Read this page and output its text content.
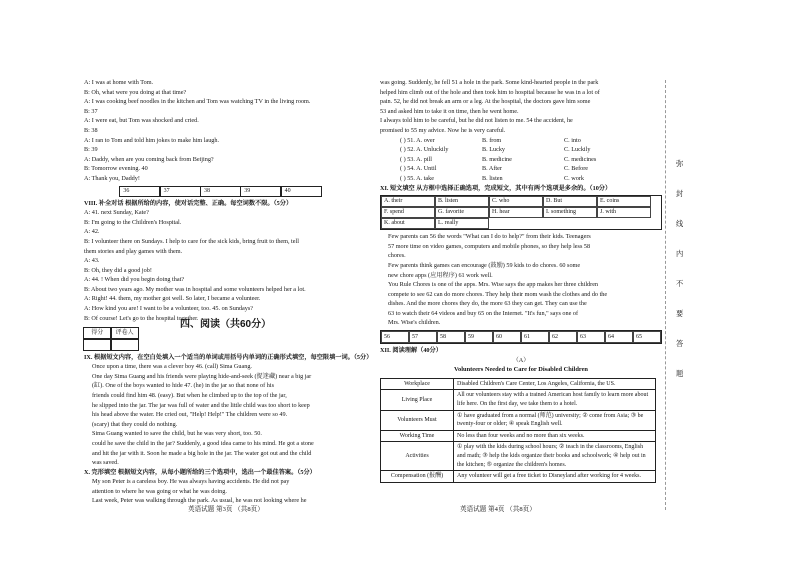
A: I was at home with Tom.
B: Oh, what were you doing at that time?
A: I was cooking beef noodles in the kitchen and Tom was watching TV in the living room.
B: 37
A: I were eat, but Tom was shocked and cried.
B: 38
A: I ran to Tom and told him jokes to make him laugh.
B: 39
A: Daddy, when are you coming back from Beijing?
B: Tomorrow evening. 40
A: Thank you, Daddy!
36	37	38	39	40
VIII. 补全对话 根据所给的内容，使对话完整、正确。每空词数不限。（5分）
A: 41. next Sunday, Kate?
B: I'm going to the Children's Hospital.
A: 42.
B: I volunteer there on Sundays. I help to care for the sick kids, bring fruit to them, tell
them stories and play games with them.
A: 43.
B: Oh, they did a good job!
A: 44. ! When did you begin doing that?
B: About two years ago. My mother was in hospital and some volunteers helped her a lot.
A: Right! 44. them, my mother got well. So later, I became a volunteer.
A: How kind you are! I want to be a volunteer, too. 45. on Sundays?
B: Of course! Let's go to the hospital together.
得分	评卷人
IX. 根据短文内容，在空白处填入一个适当的单词或用括号内单词的正确形式填空，每空限填一词。（5分）
Once upon a time, there was a clever boy 46. (call) Sima Guang.
One day Sima Guang and his friends were playing hide-and-seek (捉迷藏) near a big jar
(缸). One of the boys wanted to hide 47. (he) in the jar so that none of his
friends could find him 48. (easy). But when he climbed up to the top of the jar,
he slipped into the jar. The jar was full of water and the little child was too short to keep
his head above the water. He cried out, "Help! Help!" The children were so 49.
(scary) that they could do nothing.
Sima Guang wanted to save the child, but he was very short, too. 50.
could he save the child in the jar? Suddenly, a good idea came to his mind. He got a stone
and hit the jar with it. Soon he made a big hole in the jar. The water got out and the child
was saved.
X. 完形填空 根据短文内容，从每小题所给的三个选项中，选出一个最佳答案。（5分）
My son Peter is a careless boy. He was always having accidents. He did not pay
attention to where he was going or what he was doing.
Last week, Peter was walking through the park. As usual, he was not looking where he
四、阅读（共60分）
英语试题 第3页 （共8页）
was going. Suddenly, he fell 51 a hole in the park. Some kind-hearted people in the park
helped him climb out of the hole and then took him to hospital because he was in a lot of
pain. 52, he did not break an arm or a leg. At the hospital, the doctors gave him some
53 and asked him to take it on time, then he went home.
I always told him to be careful, but he did not listen to me. 54 the accident, he
promised to 55 my advice. Now he is very careful.
( ) 51. A. over	B. from	C. into
( ) 52. A. Unluckily	B. Lucky	C. Luckily
( ) 53. A. pill	B. medicine	C. medicines
( ) 54. A. Until	B. After	C. Before
( ) 55. A. take	B. listen	C. work
XI. 短文填空 从方框中选择正确选项，完成短文，其中有两个选项是多余的。（10分）
A. their	B. listen	C. who	D. But	E. coins
F. spend	G. favorite	H. hear	I. something	J. with
K. about	L. really
Few parents can 56 the words "What can I do to help?" from their kids. Teenagers
57 more time on video games, computers and mobile phones, so they help less 58
chores.
Few parents think games can encourage (鼓励) 59 kids to do chores. 60 some
new chore apps (应用程序) 61 work well.
You Rule Chores is one of the apps. Mrs. Wise says the app makes her three children
compete to see 62 can do more chores. They help their mom wash the clothes and do the
dishes. And the more chores they do, the more 63 they can get. They can use the
63 to watch their 64 videos and buy 65 on the Internet. "It's fun," says one of
Mrs. Wise's children.
56	57	58	59	60	61	62	63	64	65
XII. 阅读理解（40分）
（A）
Volunteers Needed to Care for Disabled Children
Workplace	Disabled Children's Care Center, Los Angeles, California, the US.
Living Place	All our volunteers stay with a trained American host family to learn more about life here. On the first day, we take them to a hotel.
Volunteers Must	① have graduated from a normal (师范) university; ② come from Asia; ③ be twenty-four or older; ④ speak English well.
Working Time	No less than four weeks and no more than six weeks.
Activities	① play with the kids during school hours; ② teach in the classrooms, English and math; ③ help the kids organize their books and schoolwork; ④ help out in the kitchen; ⑤ organize the children's homes.
Compensation (报酬)	Any volunteer will get a free ticket to Disneyland after working for 4 weeks.
英语试题 第4页 （共8页）
弥
封
线
内
不
要
答
题
